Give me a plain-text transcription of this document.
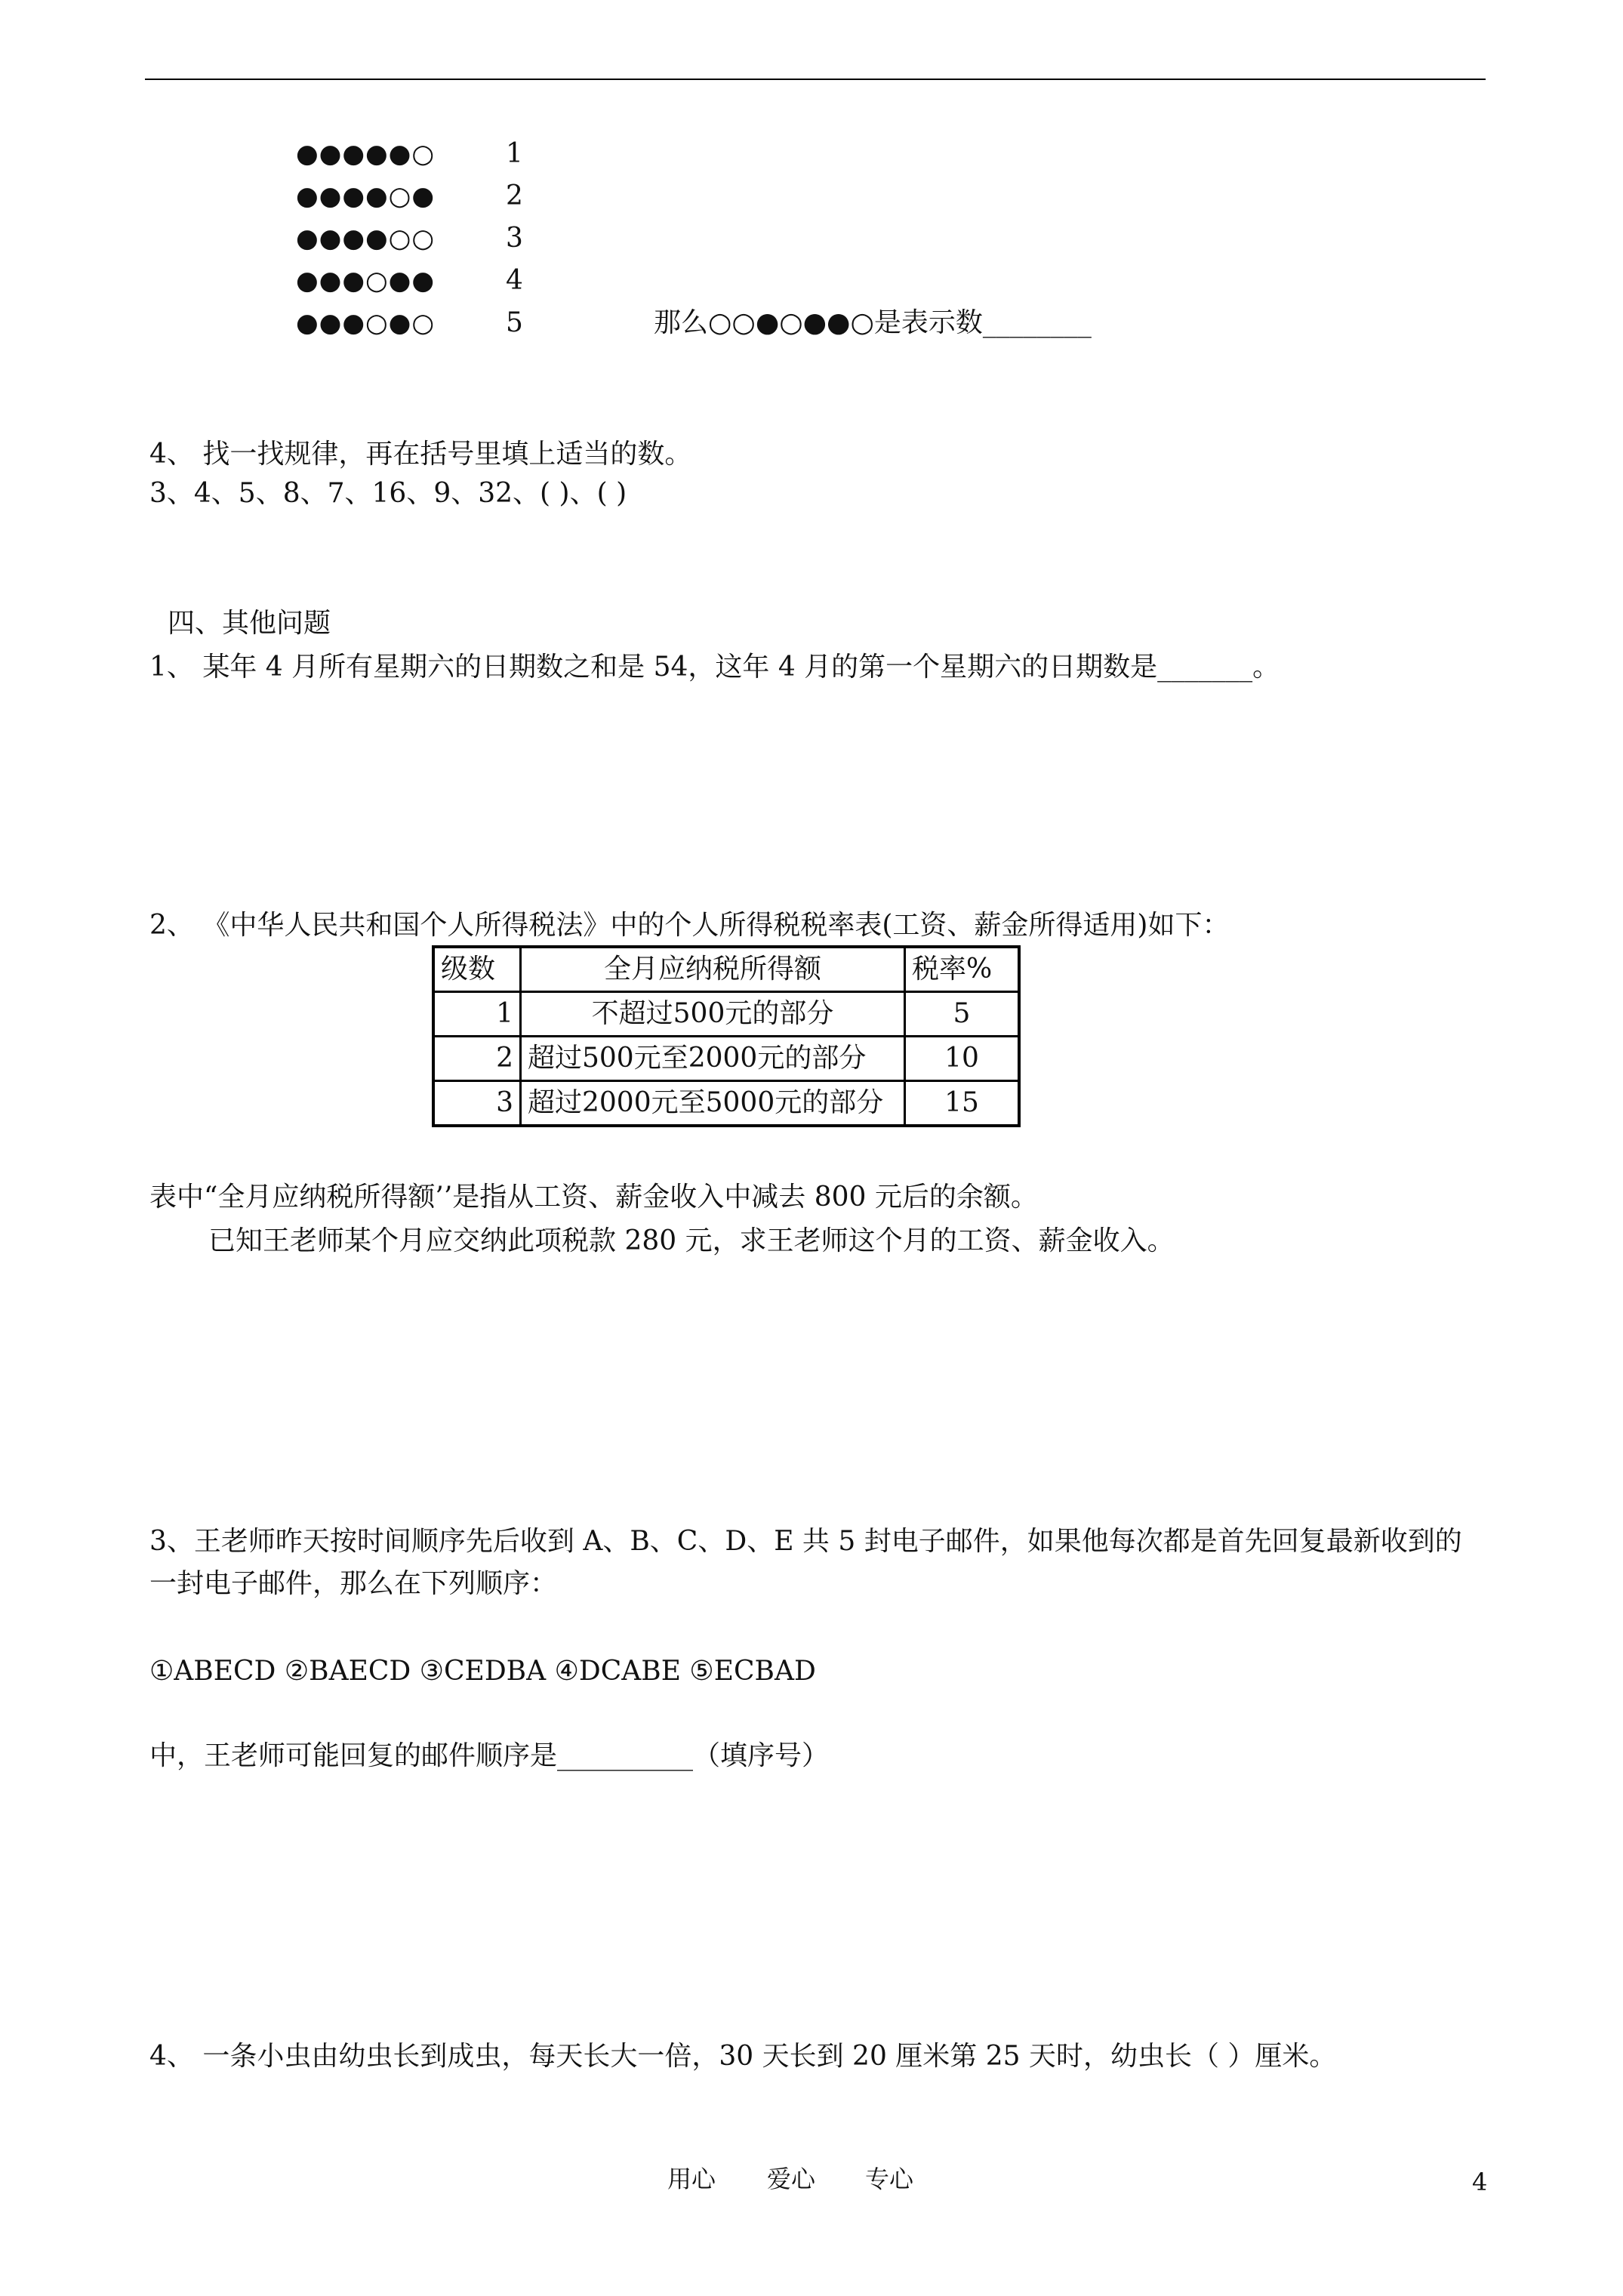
●●●●●○	1
●●●●○●	2
●●●●○○	3
●●●○●●	4
●●●○●○	5	那么○○●○●●○是表示数________
4、 找一找规律，再在括号里填上适当的数。
3、4、5、8、7、16、9、32、( )、( )
四、其他问题
1、 某年 4 月所有星期六的日期数之和是 54，这年 4 月的第一个星期六的日期数是_______。
2、 《中华人民共和国个人所得税法》中的个人所得税税率表(工资、薪金所得适用)如下：
级数	全月应纳税所得额	税率%
1	不超过500元的部分	5
2	超过500元至2000元的部分	10
3	超过2000元至5000元的部分	15
表中“全月应纳税所得额’’是指从工资、薪金收入中减去 800 元后的余额。
已知王老师某个月应交纳此项税款 280 元，求王老师这个月的工资、薪金收入。
3、王老师昨天按时间顺序先后收到 A、B、C、D、E 共 5 封电子邮件，如果他每次都是首先回复最新收到的
一封电子邮件，那么在下列顺序：
①ABECD ②BAECD ③CEDBA ④DCABE ⑤ECBAD
中，王老师可能回复的邮件顺序是__________（填序号）
4、 一条小虫由幼虫长到成虫，每天长大一倍，30 天长到 20 厘米第 25 天时，幼虫长（ ）厘米。
用心 爱心 专心	4
